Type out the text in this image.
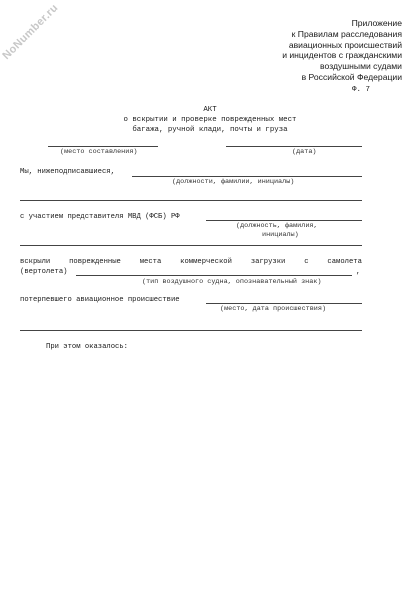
NoNumber.ru	Приложение
к Правилам расследования
авиационных происшествий
и инцидентов с гражданскими
воздушными судами
в Российской Федерации
Ф. 7
АКТ
о вскрытии и проверке поврежденных мест
багажа, ручной клади, почты и груза
(место составления)	(дата)
Мы, нижеподписавшиеся,
(должности, фамилии, инициалы)
с участием представителя МВД (ФСБ) РФ
(должность, фамилия,
инициалы)
вскрыли	поврежденные	места	коммерческой	загрузки	с	самолета
(вертолета)	,
(тип воздушного судна, опознавательный знак)
потерпевшего авиационное происшествие
(место, дата происшествия)
При этом оказалось:
